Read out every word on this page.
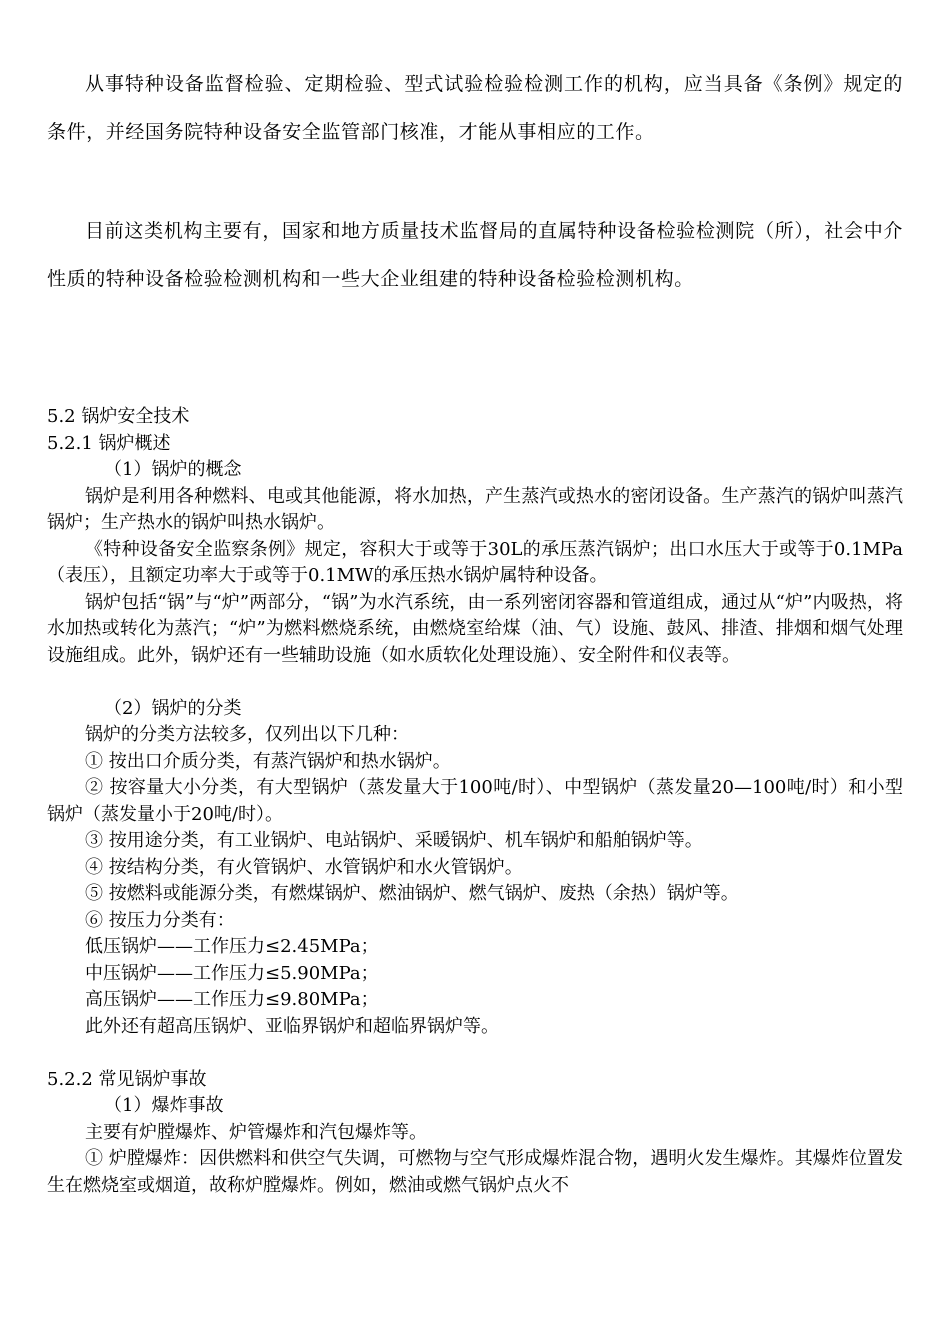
从事特种设备监督检验、定期检验、型式试验检验检测工作的机构，应当具备《条例》规定的条件，并经国务院特种设备安全监管部门核准，才能从事相应的工作。

目前这类机构主要有，国家和地方质量技术监督局的直属特种设备检验检测院（所），社会中介性质的特种设备检验检测机构和一些大企业组建的特种设备检验检测机构。

5.2 锅炉安全技术

5.2.1 锅炉概述

（1）锅炉的概念

锅炉是利用各种燃料、电或其他能源，将水加热，产生蒸汽或热水的密闭设备。生产蒸汽的锅炉叫蒸汽锅炉；生产热水的锅炉叫热水锅炉。

《特种设备安全监察条例》规定，容积大于或等于30L的承压蒸汽锅炉；出口水压大于或等于0.1MPa（表压），且额定功率大于或等于0.1MW的承压热水锅炉属特种设备。

锅炉包括“锅”与“炉”两部分，“锅”为水汽系统，由一系列密闭容器和管道组成，通过从“炉”内吸热，将水加热或转化为蒸汽；“炉”为燃料燃烧系统，由燃烧室给煤（油、气）设施、鼓风、排渣、排烟和烟气处理设施组成。此外，锅炉还有一些辅助设施（如水质软化处理设施）、安全附件和仪表等。

（2）锅炉的分类

锅炉的分类方法较多，仅列出以下几种：

① 按出口介质分类，有蒸汽锅炉和热水锅炉。

② 按容量大小分类，有大型锅炉（蒸发量大于100吨/时）、中型锅炉（蒸发量20—100吨/时）和小型锅炉（蒸发量小于20吨/时）。

③ 按用途分类，有工业锅炉、电站锅炉、采暖锅炉、机车锅炉和船舶锅炉等。

④ 按结构分类，有火管锅炉、水管锅炉和水火管锅炉。

⑤ 按燃料或能源分类，有燃煤锅炉、燃油锅炉、燃气锅炉、废热（余热）锅炉等。

⑥ 按压力分类有：

低压锅炉——工作压力≤2.45MPa；

中压锅炉——工作压力≤5.90MPa；

高压锅炉——工作压力≤9.80MPa；

此外还有超高压锅炉、亚临界锅炉和超临界锅炉等。

5.2.2 常见锅炉事故

（1）爆炸事故

主要有炉膛爆炸、炉管爆炸和汽包爆炸等。

① 炉膛爆炸：因供燃料和供空气失调，可燃物与空气形成爆炸混合物，遇明火发生爆炸。其爆炸位置发生在燃烧室或烟道，故称炉膛爆炸。例如，燃油或燃气锅炉点火不
